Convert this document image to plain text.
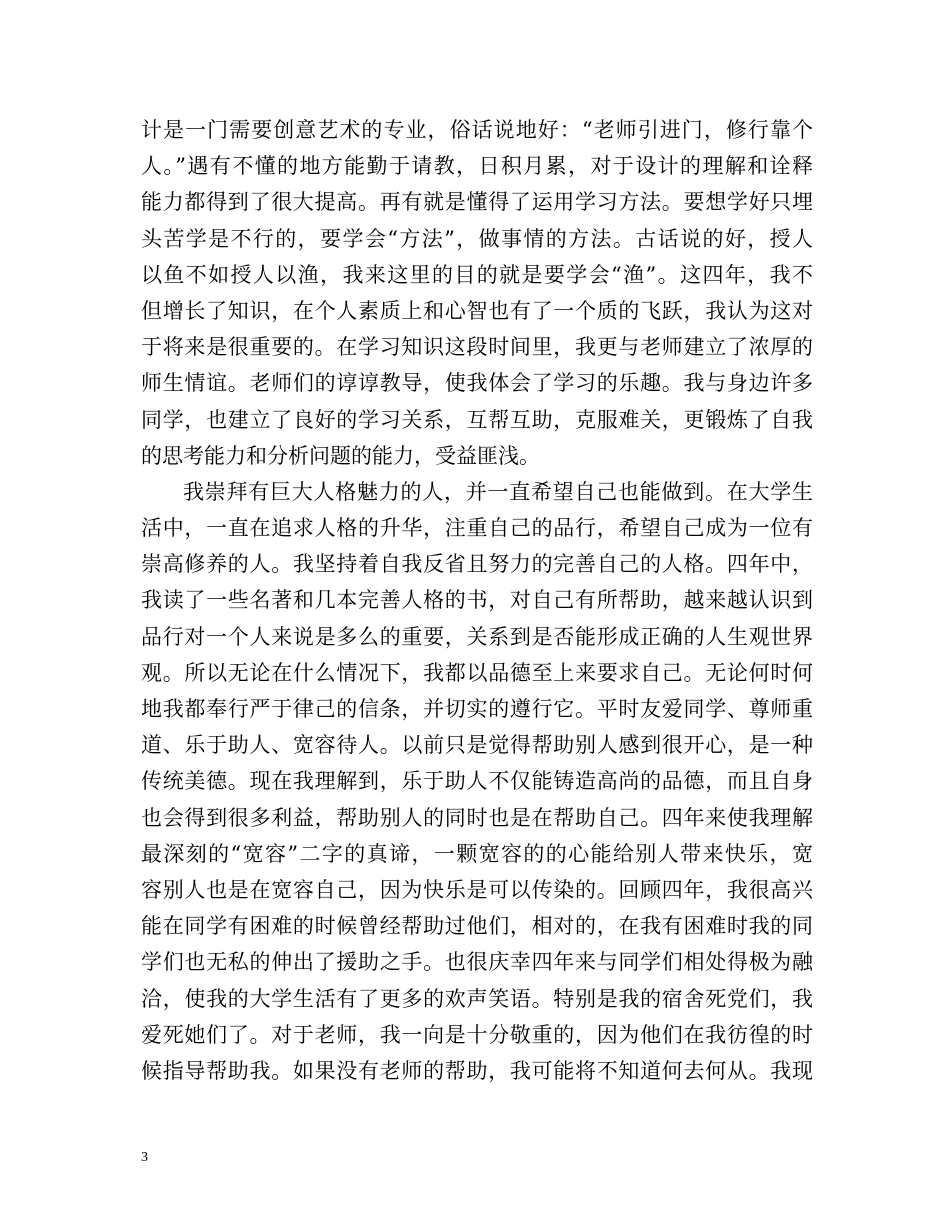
计是一门需要创意艺术的专业，俗话说地好：“老师引进门，修行靠个
人。”遇有不懂的地方能勤于请教，日积月累，对于设计的理解和诠释
能力都得到了很大提高。再有就是懂得了运用学习方法。要想学好只埋
头苦学是不行的，要学会“方法”，做事情的方法。古话说的好，授人
以鱼不如授人以渔，我来这里的目的就是要学会“渔”。这四年，我不
但增长了知识，在个人素质上和心智也有了一个质的飞跃，我认为这对
于将来是很重要的。在学习知识这段时间里，我更与老师建立了浓厚的
师生情谊。老师们的谆谆教导，使我体会了学习的乐趣。我与身边许多
同学，也建立了良好的学习关系，互帮互助，克服难关，更锻炼了自我
的思考能力和分析问题的能力，受益匪浅。
我崇拜有巨大人格魅力的人，并一直希望自己也能做到。在大学生
活中，一直在追求人格的升华，注重自己的品行，希望自己成为一位有
崇高修养的人。我坚持着自我反省且努力的完善自己的人格。四年中，
我读了一些名著和几本完善人格的书，对自己有所帮助，越来越认识到
品行对一个人来说是多么的重要，关系到是否能形成正确的人生观世界
观。所以无论在什么情况下，我都以品德至上来要求自己。无论何时何
地我都奉行严于律己的信条，并切实的遵行它。平时友爱同学、尊师重
道、乐于助人、宽容待人。以前只是觉得帮助别人感到很开心，是一种
传统美德。现在我理解到，乐于助人不仅能铸造高尚的品德，而且自身
也会得到很多利益，帮助别人的同时也是在帮助自己。四年来使我理解
最深刻的“宽容”二字的真谛，一颗宽容的的心能给别人带来快乐，宽
容别人也是在宽容自己，因为快乐是可以传染的。回顾四年，我很高兴
能在同学有困难的时候曾经帮助过他们，相对的，在我有困难时我的同
学们也无私的伸出了援助之手。也很庆幸四年来与同学们相处得极为融
洽，使我的大学生活有了更多的欢声笑语。特别是我的宿舍死党们，我
爱死她们了。对于老师，我一向是十分敬重的，因为他们在我彷徨的时
候指导帮助我。如果没有老师的帮助，我可能将不知道何去何从。我现
3
